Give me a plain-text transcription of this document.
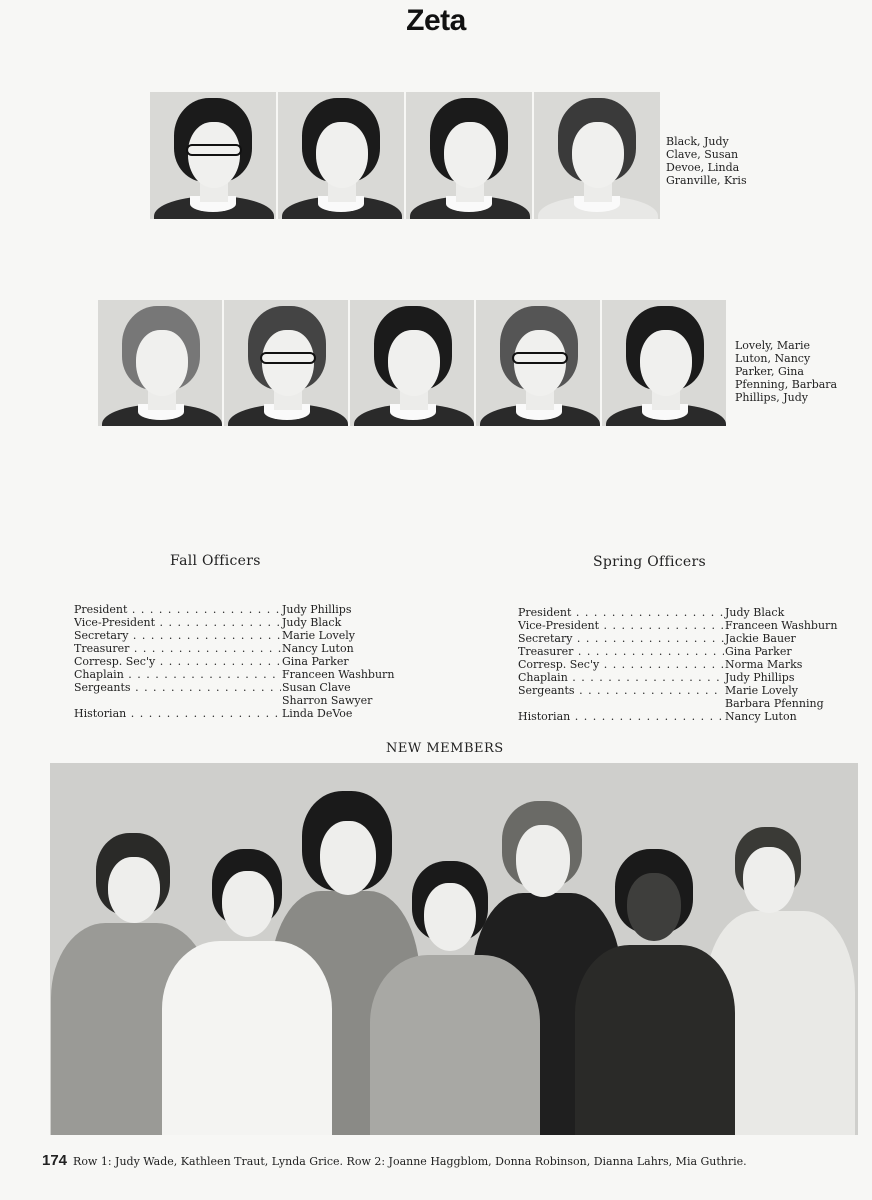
Zeta
Black, Judy
Clave, Susan
Devoe, Linda
Granville, Kris
Lovely, Marie
Luton, Nancy
Parker, Gina
Pfenning, Barbara
Phillips, Judy
Fall Officers
President . . .	Judy Phillips
Vice-President . . .	Judy Black
Secretary . . .	Marie Lovely
Treasurer . . .	Nancy Luton
Corresp. Sec'y . . .	Gina Parker
Chaplain . . .	Franceen Washburn
Sergeants . . .	Susan Clave
Sharron Sawyer
Historian . . .	Linda DeVoe
Spring Officers
President . . .	Judy Black
Vice-President . . .	Franceen Washburn
Secretary . . .	Jackie Bauer
Treasurer . . .	Gina Parker
Corresp. Sec'y . . .	Norma Marks
Chaplain . . .	Judy Phillips
Sergeants . . .	Marie Lovely
Barbara Pfenning
Historian . . .	Nancy Luton
NEW MEMBERS
174 Row 1: Judy Wade, Kathleen Traut, Lynda Grice. Row 2: Joanne Haggblom, Donna Robinson, Dianna Lahrs, Mia Guthrie.
